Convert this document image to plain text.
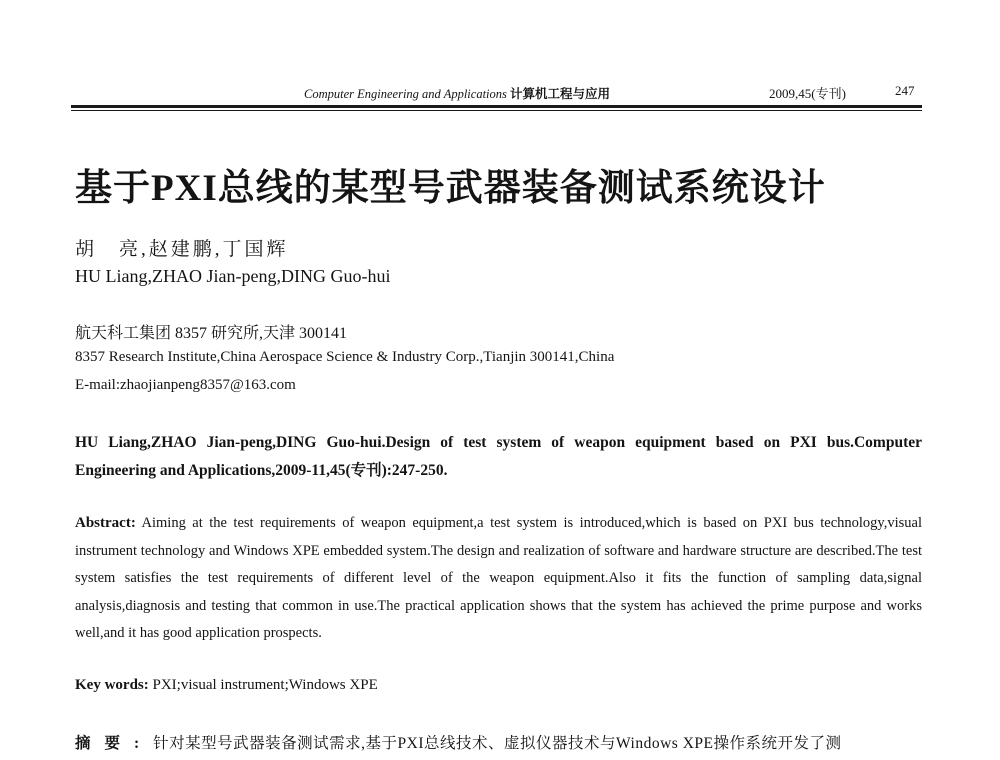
Computer Engineering and Applications 计算机工程与应用	2009,45(专刊)	247
基于PXI总线的某型号武器装备测试系统设计
胡　亮,赵建鹏,丁国辉
HU Liang,ZHAO Jian-peng,DING Guo-hui
航天科工集团 8357 研究所,天津 300141
8357 Research Institute,China Aerospace Science & Industry Corp.,Tianjin 300141,China
E-mail:zhaojianpeng8357@163.com
HU Liang,ZHAO Jian-peng,DING Guo-hui.Design of test system of weapon equipment based on PXI bus.Computer Engineering and Applications,2009-11,45(专刊):247-250.
Abstract: Aiming at the test requirements of weapon equipment,a test system is introduced,which is based on PXI bus technology,visual instrument technology and Windows XPE embedded system.The design and realization of software and hardware structure are described.The test system satisfies the test requirements of different level of the weapon equipment.Also it fits the function of sampling data,signal analysis,diagnosis and testing that common in use.The practical application shows that the system has achieved the prime purpose and works well,and it has good application prospects.
Key words: PXI;visual instrument;Windows XPE
摘要:针对某型号武器装备测试需求,基于PXI总线技术、虚拟仪器技术与Windows XPE操作系统开发了测
